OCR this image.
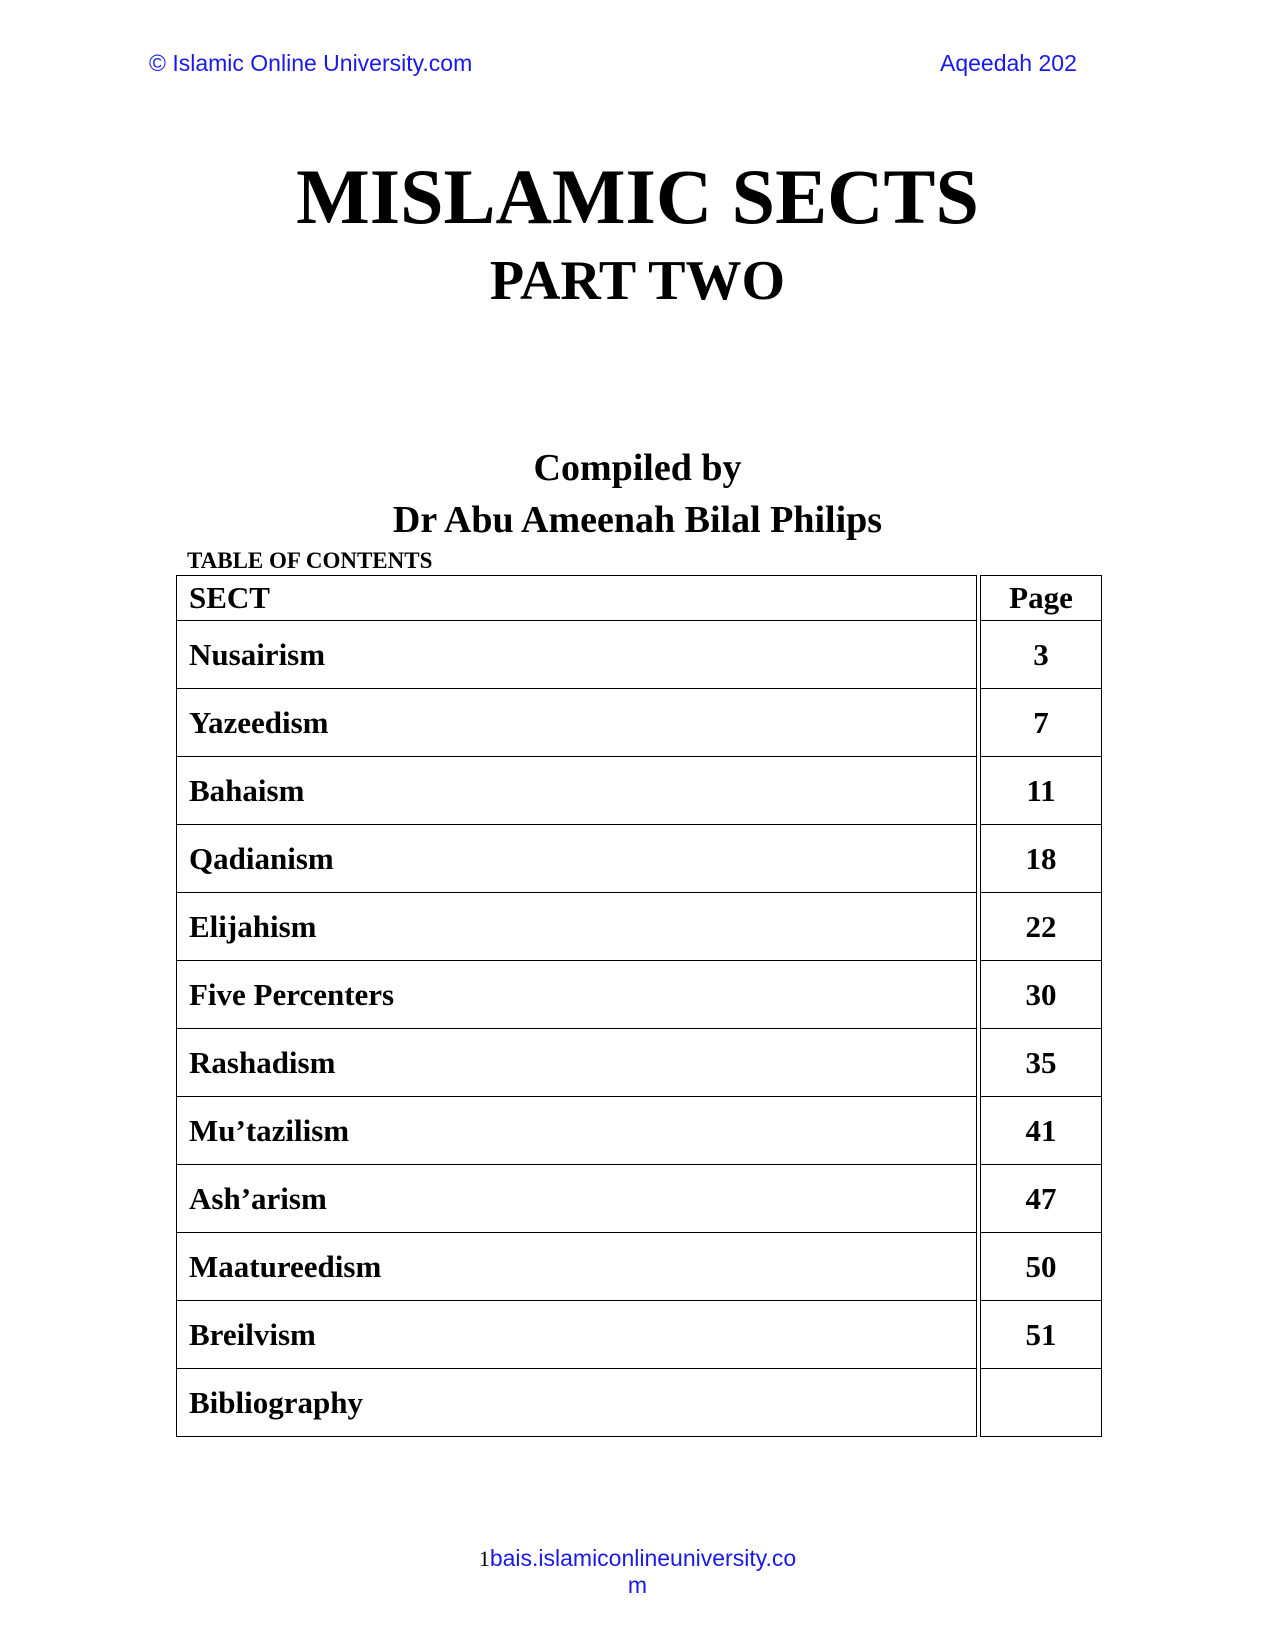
© Islamic Online University.com	Aqeedah 202
MISLAMIC SECTS
PART TWO
Compiled by
Dr Abu Ameenah Bilal Philips
TABLE OF CONTENTS
SECT		Page
Nusairism		3
Yazeedism		7
Bahaism		11
Qadianism		18
Elijahism		22
Five Percenters		30
Rashadism		35
Mu’tazilism		41
Ash’arism		47
Maatureedism		50
Breilvism		51
Bibliography		
1bais.islamiconlineuniversity.co
m
